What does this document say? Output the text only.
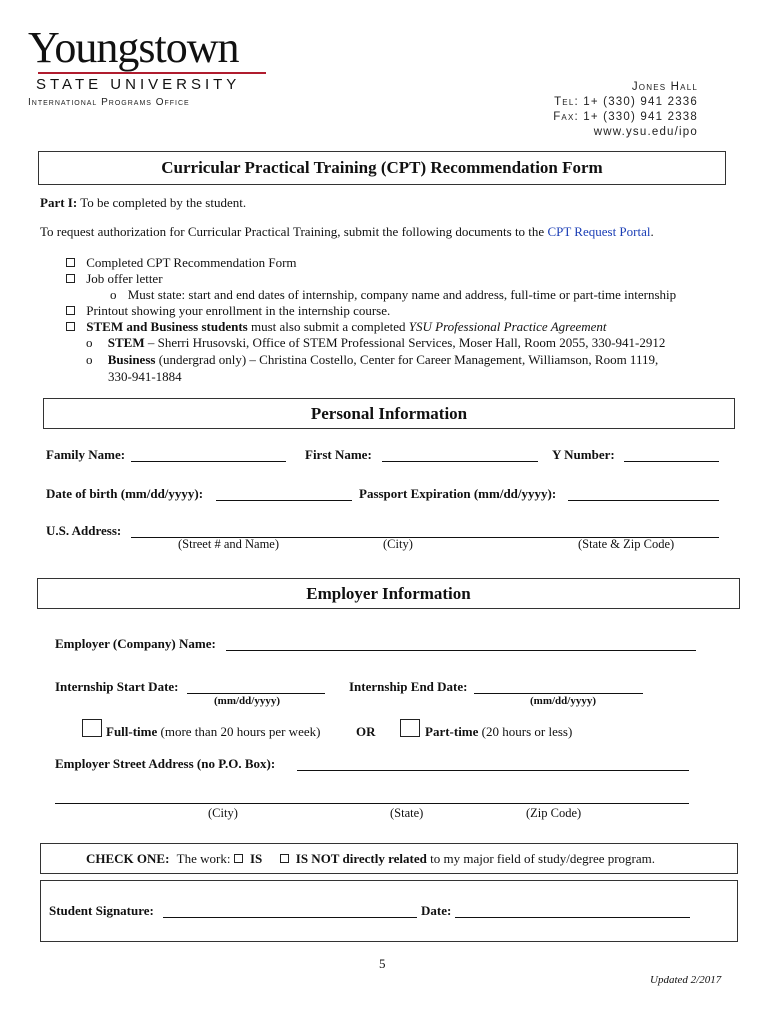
Youngstown
STATE UNIVERSITY
International Programs Office
Jones Hall
Tel: 1+ (330) 941 2336
Fax: 1+ (330) 941 2338
www.ysu.edu/ipo
Curricular Practical Training (CPT) Recommendation Form
Part I: To be completed by the student.
To request authorization for Curricular Practical Training, submit the following documents to the CPT Request Portal.
Completed CPT Recommendation Form
Job offer letter
o Must state: start and end dates of internship, company name and address, full-time or part-time internship
Printout showing your enrollment in the internship course.
STEM and Business students must also submit a completed YSU Professional Practice Agreement
o STEM – Sherri Hrusovski, Office of STEM Professional Services, Moser Hall, Room 2055, 330-941-2912
o Business (undergrad only) – Christina Costello, Center for Career Management, Williamson, Room 1119,
330-941-1884
Personal Information
Family Name:	First Name:	Y Number:
Date of birth (mm/dd/yyyy):	Passport Expiration (mm/dd/yyyy):
U.S. Address:
(Street # and Name)	(City)	(State & Zip Code)
Employer Information
Employer (Company) Name:
Internship Start Date:
(mm/dd/yyyy)
Internship End Date:
(mm/dd/yyyy)
Full-time (more than 20 hours per week)	OR	Part-time (20 hours or less)
Employer Street Address (no P.O. Box):
(City)	(State)	(Zip Code)
CHECK ONE: The work: IS	IS NOT directly related to my major field of study/degree program.
Student Signature:	Date:
5
Updated 2/2017
